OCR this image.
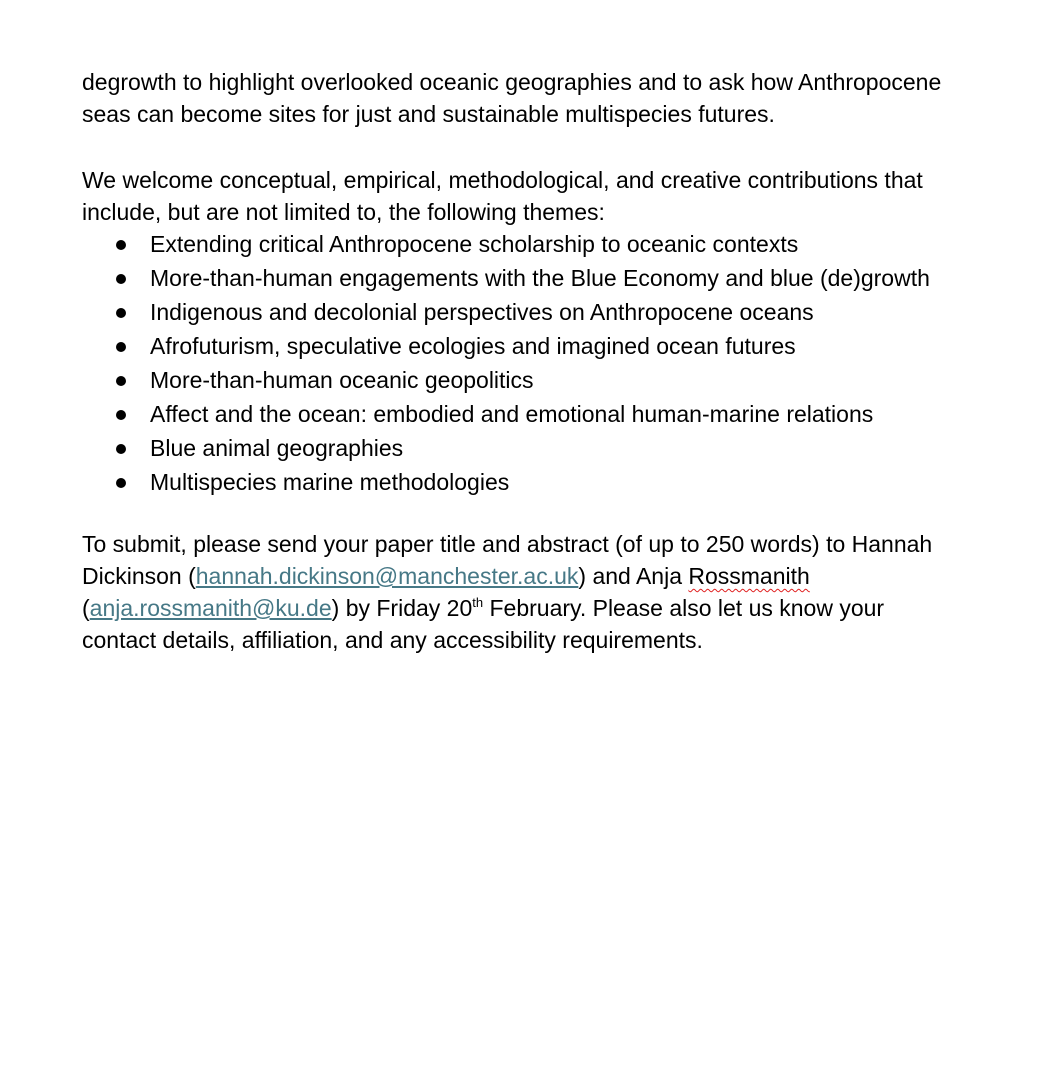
degrowth to highlight overlooked oceanic geographies and to ask how Anthropocene seas can become sites for just and sustainable multispecies futures.

We welcome conceptual, empirical, methodological, and creative contributions that include, but are not limited to, the following themes:

Extending critical Anthropocene scholarship to oceanic contexts
More-than-human engagements with the Blue Economy and blue (de)growth
Indigenous and decolonial perspectives on Anthropocene oceans
Afrofuturism, speculative ecologies and imagined ocean futures
More-than-human oceanic geopolitics
Affect and the ocean: embodied and emotional human-marine relations
Blue animal geographies
Multispecies marine methodologies

To submit, please send your paper title and abstract (of up to 250 words) to Hannah Dickinson (hannah.dickinson@manchester.ac.uk) and Anja Rossmanith (anja.rossmanith@ku.de) by Friday 20th February. Please also let us know your contact details, affiliation, and any accessibility requirements.
